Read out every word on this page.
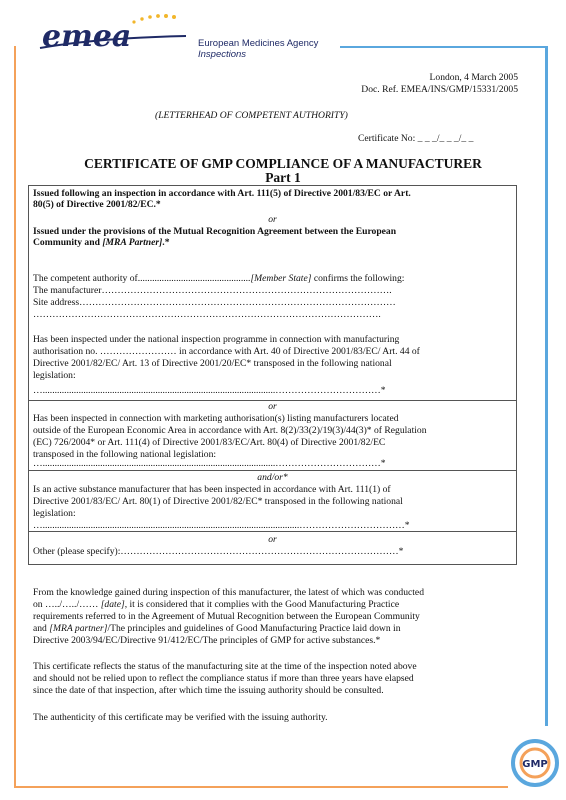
emea	European Medicines Agency
Inspections
London, 4 March 2005
Doc. Ref. EMEA/INS/GMP/15331/2005
(LETTERHEAD OF COMPETENT AUTHORITY)
Certificate No: _ _ _/_ _ _/_ _
CERTIFICATE OF GMP COMPLIANCE OF A MANUFACTURER
Part 1
Issued following an inspection in accordance with Art. 111(5) of Directive 2001/83/EC or Art.
80(5) of Directive 2001/82/EC.*
or
Issued under the provisions of the Mutual Recognition Agreement between the European
Community and [MRA Partner].*
The competent authority of...............................................[Member State] confirms the following:
The manufacturer……………………………………………………………………………….
Site address………………………………………………………………………………………
……………………………………………………………………………………………….
Has been inspected under the national inspection programme in connection with manufacturing
authorisation no. …………………… in accordance with Art. 40 of Directive 2001/83/EC/ Art. 44 of
Directive 2001/82/EC/ Art. 13 of Directive 2001/20/EC* transposed in the following national
legislation:
….................................................................................................……………………………*
or
Has been inspected in connection with marketing authorisation(s) listing manufacturers located
outside of the European Economic Area in accordance with Art. 8(2)/33(2)/19(3)/44(3)* of Regulation
(EC) 726/2004* or Art. 111(4) of Directive 2001/83/EC/Art. 80(4) of Directive 2001/82/EC
transposed in the following national legislation:
….................................................................................................……………………………*
and/or*
Is an active substance manufacturer that has been inspected in accordance with Art. 111(1) of
Directive 2001/83/EC/ Art. 80(1) of Directive 2001/82/EC* transposed in the following national
legislation:
…...........................................................................................................……………………………*
or
Other (please specify):……………………………………………………………………………*
From the knowledge gained during inspection of this manufacturer, the latest of which was conducted
on …../…../…… [date], it is considered that it complies with the Good Manufacturing Practice
requirements referred to in the Agreement of Mutual Recognition between the European Community
and [MRA partner]/The principles and guidelines of Good Manufacturing Practice laid down in
Directive 2003/94/EC/Directive 91/412/EC/The principles of GMP for active substances.*
This certificate reflects the status of the manufacturing site at the time of the inspection noted above
and should not be relied upon to reflect the compliance status if more than three years have elapsed
since the date of that inspection, after which time the issuing authority should be consulted.
The authenticity of this certificate may be verified with the issuing authority.
GMP
